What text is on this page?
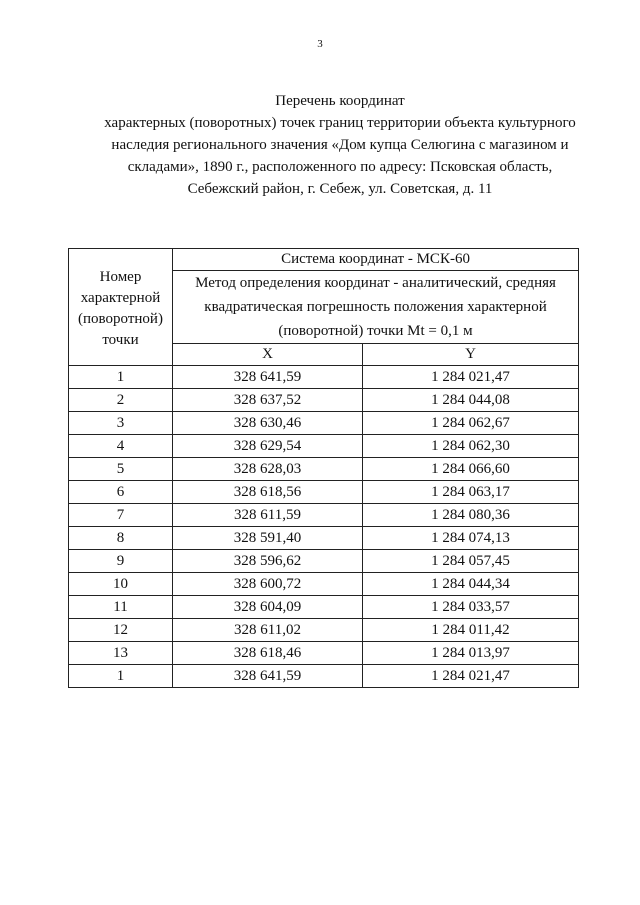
3
Перечень координат
характерных (поворотных) точек границ территории объекта культурного
наследия регионального значения «Дом купца Селюгина с магазином и
складами», 1890 г., расположенного по адресу: Псковская область,
Себежский район, г. Себеж, ул. Советская, д. 11
Номер
характерной
(поворотной)
точки	Система координат - МСК-60	

	Метод определения координат - аналитический, средняя
квадратическая погрешность положения характерной
(поворотной) точки Mt = 0,1 м	

	X	Y
1	328 641,59	1 284 021,47
2	328 637,52	1 284 044,08
3	328 630,46	1 284 062,67
4	328 629,54	1 284 062,30
5	328 628,03	1 284 066,60
6	328 618,56	1 284 063,17
7	328 611,59	1 284 080,36
8	328 591,40	1 284 074,13
9	328 596,62	1 284 057,45
10	328 600,72	1 284 044,34
11	328 604,09	1 284 033,57
12	328 611,02	1 284 011,42
13	328 618,46	1 284 013,97
1	328 641,59	1 284 021,47
